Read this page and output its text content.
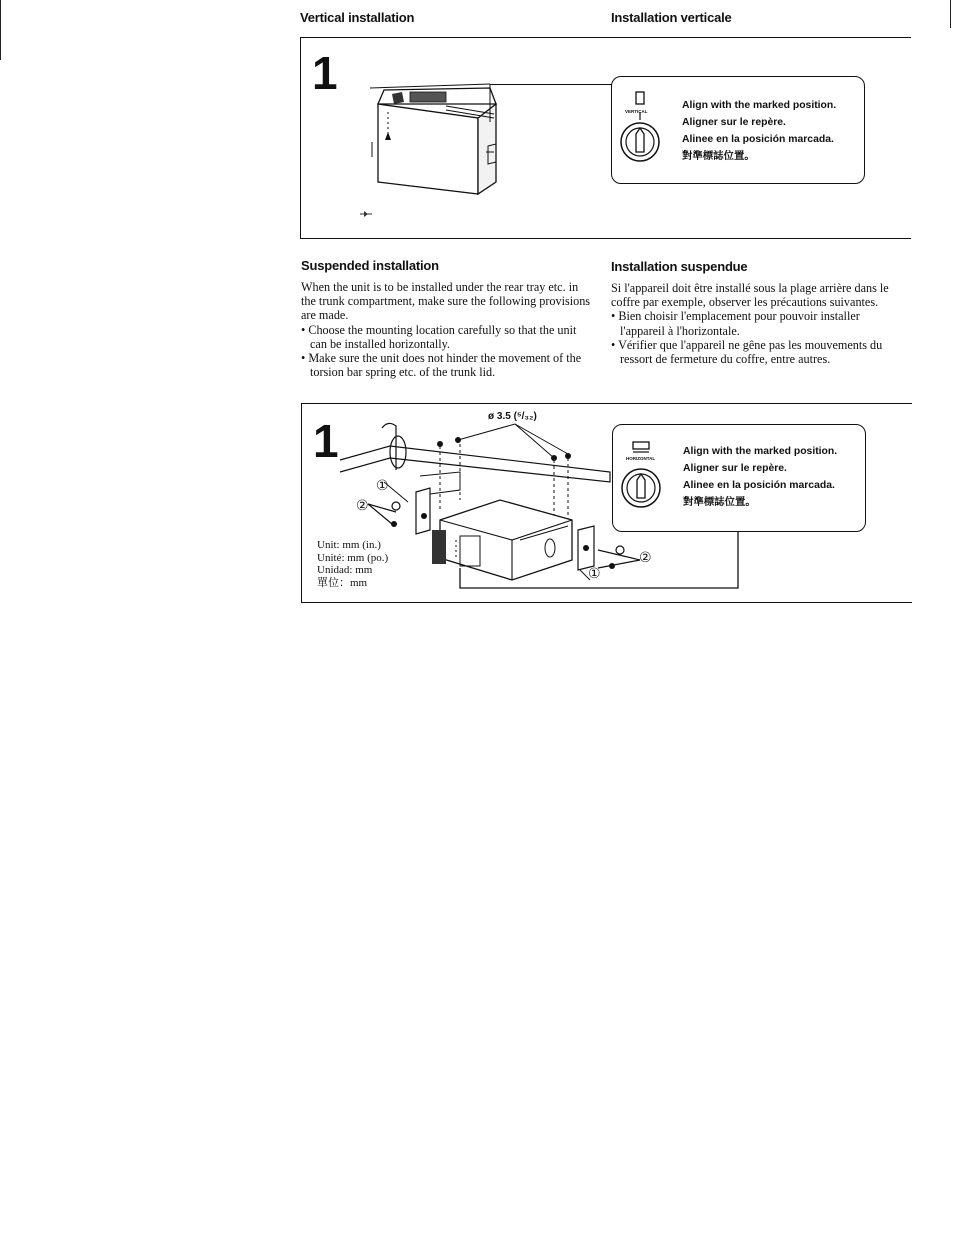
Vertical installation	Installation verticale
1
VERTICAL
Align with the marked position.
Aligner sur le repère.
Alinee en la posición marcada.
對準標誌位置。
Suspended installation	Installation suspendue

When the unit is to be installed under the rear tray etc. in the trunk compartment, make sure the following provisions are made.

• Choose the mounting location carefully so that the unit can be installed horizontally.

• Make sure the unit does not hinder the movement of the torsion bar spring etc. of the trunk lid.

Si l'appareil doit être installé sous la plage arrière dans le coffre par exemple, observer les précautions suivantes.

• Bien choisir l'emplacement pour pouvoir installer l'appareil à l'horizontale.

• Vérifier que l'appareil ne gêne pas les mouvements du ressort de fermeture du coffre, entre autres.

1	ø 3.5 (⁵/₃₂)
①
②
②
①
Unit: mm (in.)
Unité: mm (po.)
Unidad: mm
單位：mm
HORIZONTAL
Align with the marked position.
Aligner sur le repère.
Alinee en la posición marcada.
對準標誌位置。
